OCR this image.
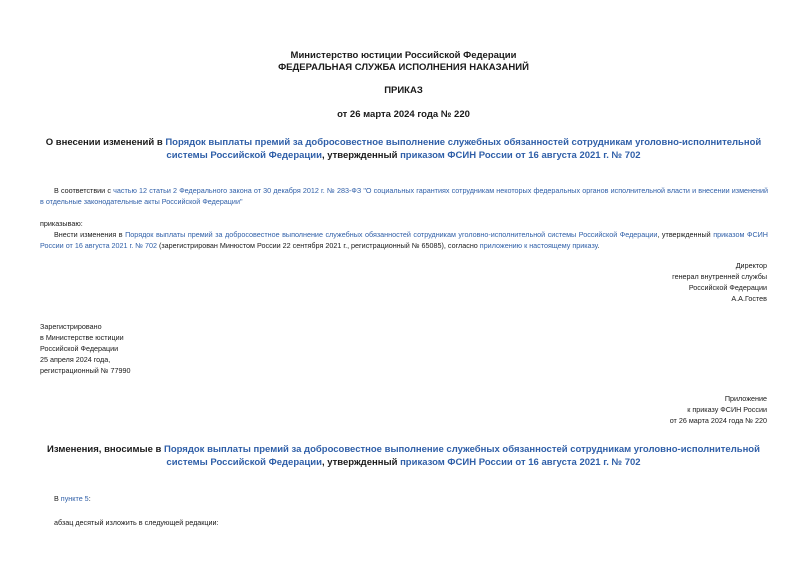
Министерство юстиции Российской Федерации
ФЕДЕРАЛЬНАЯ СЛУЖБА ИСПОЛНЕНИЯ НАКАЗАНИЙ
ПРИКАЗ
от 26 марта 2024 года № 220
О внесении изменений в Порядок выплаты премий за добросовестное выполнение служебных обязанностей сотрудникам уголовно-исполнительной системы Российской Федерации, утвержденный приказом ФСИН России от 16 августа 2021 г. № 702
В соответствии с частью 12 статьи 2 Федерального закона от 30 декабря 2012 г. № 283-ФЗ "О социальных гарантиях сотрудникам некоторых федеральных органов исполнительной власти и внесении изменений в отдельные законодательные акты Российской Федерации"
приказываю:
Внести изменения в Порядок выплаты премий за добросовестное выполнение служебных обязанностей сотрудникам уголовно-исполнительной системы Российской Федерации, утвержденный приказом ФСИН России от 16 августа 2021 г. № 702 (зарегистрирован Минюстом России 22 сентября 2021 г., регистрационный № 65085), согласно приложению к настоящему приказу.
Директор
генерал внутренней службы
Российской Федерации
А.А.Гостев
Зарегистрировано
в Министерстве юстиции
Российской Федерации
25 апреля 2024 года,
регистрационный № 77990
Приложение
к приказу ФСИН России
от 26 марта 2024 года № 220
Изменения, вносимые в Порядок выплаты премий за добросовестное выполнение служебных обязанностей сотрудникам уголовно-исполнительной системы Российской Федерации, утвержденный приказом ФСИН России от 16 августа 2021 г. № 702
В пункте 5:
абзац десятый изложить в следующей редакции:
